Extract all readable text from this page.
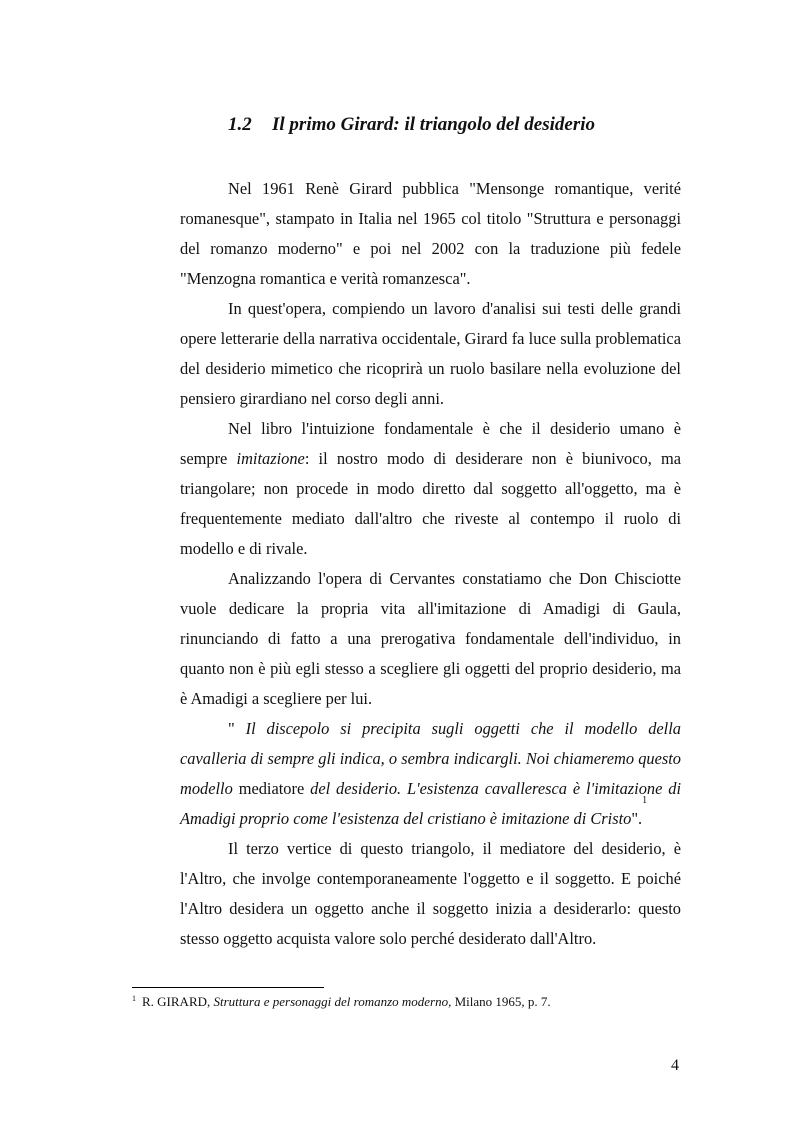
1.2 Il primo Girard: il triangolo del desiderio

Nel 1961 Renè Girard pubblica "Mensonge romantique, verité romanesque", stampato in Italia nel 1965 col titolo "Struttura e personaggi del romanzo moderno" e poi nel 2002 con la traduzione più fedele "Menzogna romantica e verità romanzesca".

In quest'opera, compiendo un lavoro d'analisi sui testi delle grandi opere letterarie della narrativa occidentale, Girard fa luce sulla problematica del desiderio mimetico che ricoprirà un ruolo basilare nella evoluzione del pensiero girardiano nel corso degli anni.

Nel libro l'intuizione fondamentale è che il desiderio umano è sempre imitazione: il nostro modo di desiderare non è biunivoco, ma triangolare; non procede in modo diretto dal soggetto all'oggetto, ma è frequentemente mediato dall'altro che riveste al contempo il ruolo di modello e di rivale.

Analizzando l'opera di Cervantes constatiamo che Don Chisciotte vuole dedicare la propria vita all'imitazione di Amadigi di Gaula, rinunciando di fatto a una prerogativa fondamentale dell'individuo, in quanto non è più egli stesso a scegliere gli oggetti del proprio desiderio, ma è Amadigi a scegliere per lui.

" Il discepolo si precipita sugli oggetti che il modello della cavalleria di sempre gli indica, o sembra indicargli. Noi chiameremo questo modello mediatore del desiderio. L'esistenza cavalleresca è l'imitazione di Amadigi proprio come l'esistenza del cristiano è imitazione di Cristo".$^1$

Il terzo vertice di questo triangolo, il mediatore del desiderio, è l'Altro, che involge contemporaneamente l'oggetto e il soggetto. E poiché l'Altro desidera un oggetto anche il soggetto inizia a desiderarlo: questo stesso oggetto acquista valore solo perché desiderato dall'Altro.

$^1$ R. GIRARD, Struttura e personaggi del romanzo moderno, Milano 1965, p. 7.
4
